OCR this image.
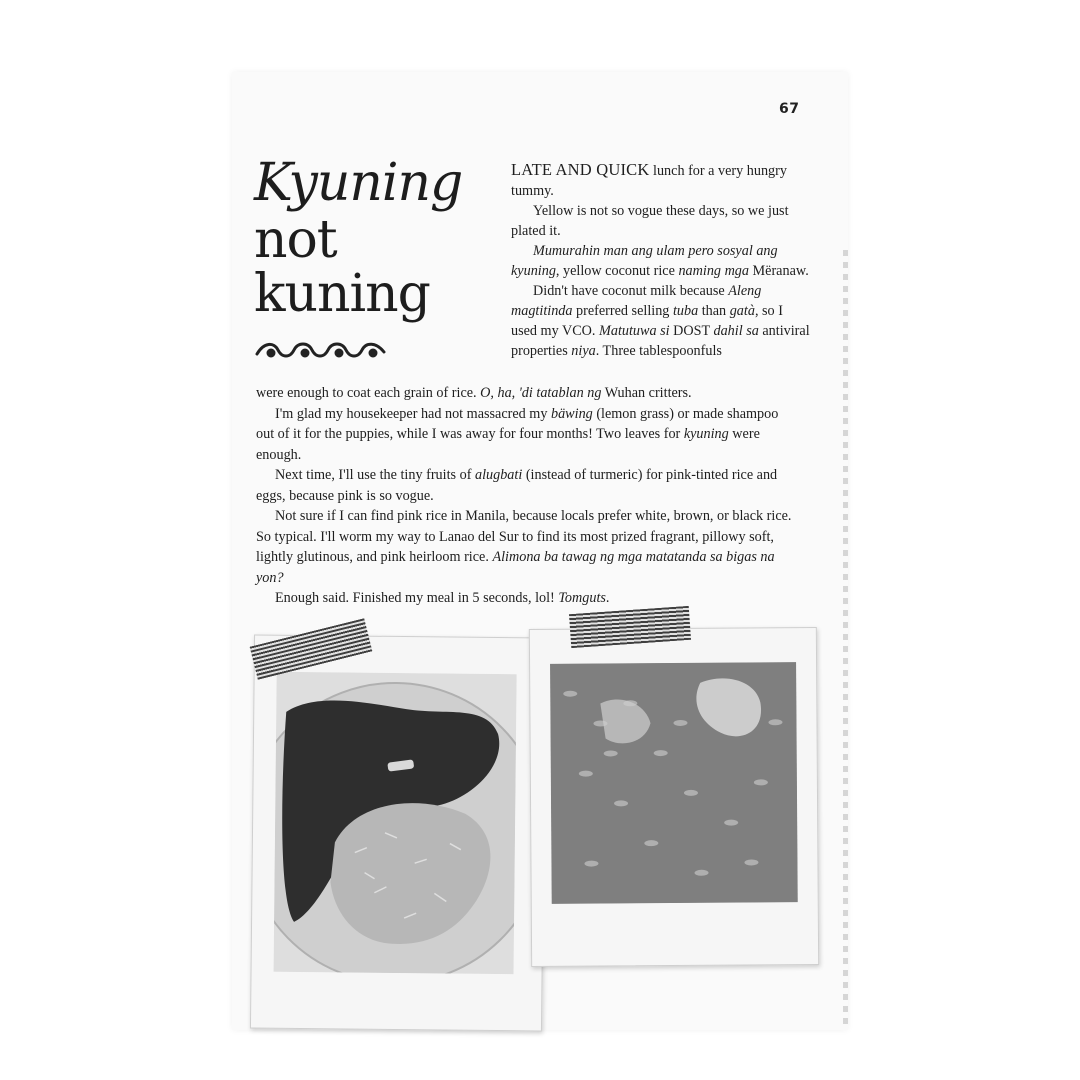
67
Kyuning
not
kuning

LATE AND QUICK lunch for a very hungry tummy.

Yellow is not so vogue these days, so we just plated it.

Mumurahin man ang ulam pero sosyal ang kyuning, yellow coconut rice naming mga Mëranaw.

Didn't have coconut milk because Aleng magtitinda preferred selling tuba than gatà, so I used my VCO. Matutuwa si DOST dahil sa antiviral properties niya. Three tablespoonfuls

were enough to coat each grain of rice. O, ha, 'di tatablan ng Wuhan critters.

I'm glad my housekeeper had not massacred my bäwing (lemon grass) or made shampoo out of it for the puppies, while I was away for four months! Two leaves for kyuning were enough.

Next time, I'll use the tiny fruits of alugbati (instead of turmeric) for pink-tinted rice and eggs, because pink is so vogue.

Not sure if I can find pink rice in Manila, because locals prefer white, brown, or black rice. So typical. I'll worm my way to Lanao del Sur to find its most prized fragrant, pillowy soft, lightly glutinous, and pink heirloom rice. Alimona ba tawag ng mga matatanda sa bigas na yon?

Enough said. Finished my meal in 5 seconds, lol! Tomguts.
